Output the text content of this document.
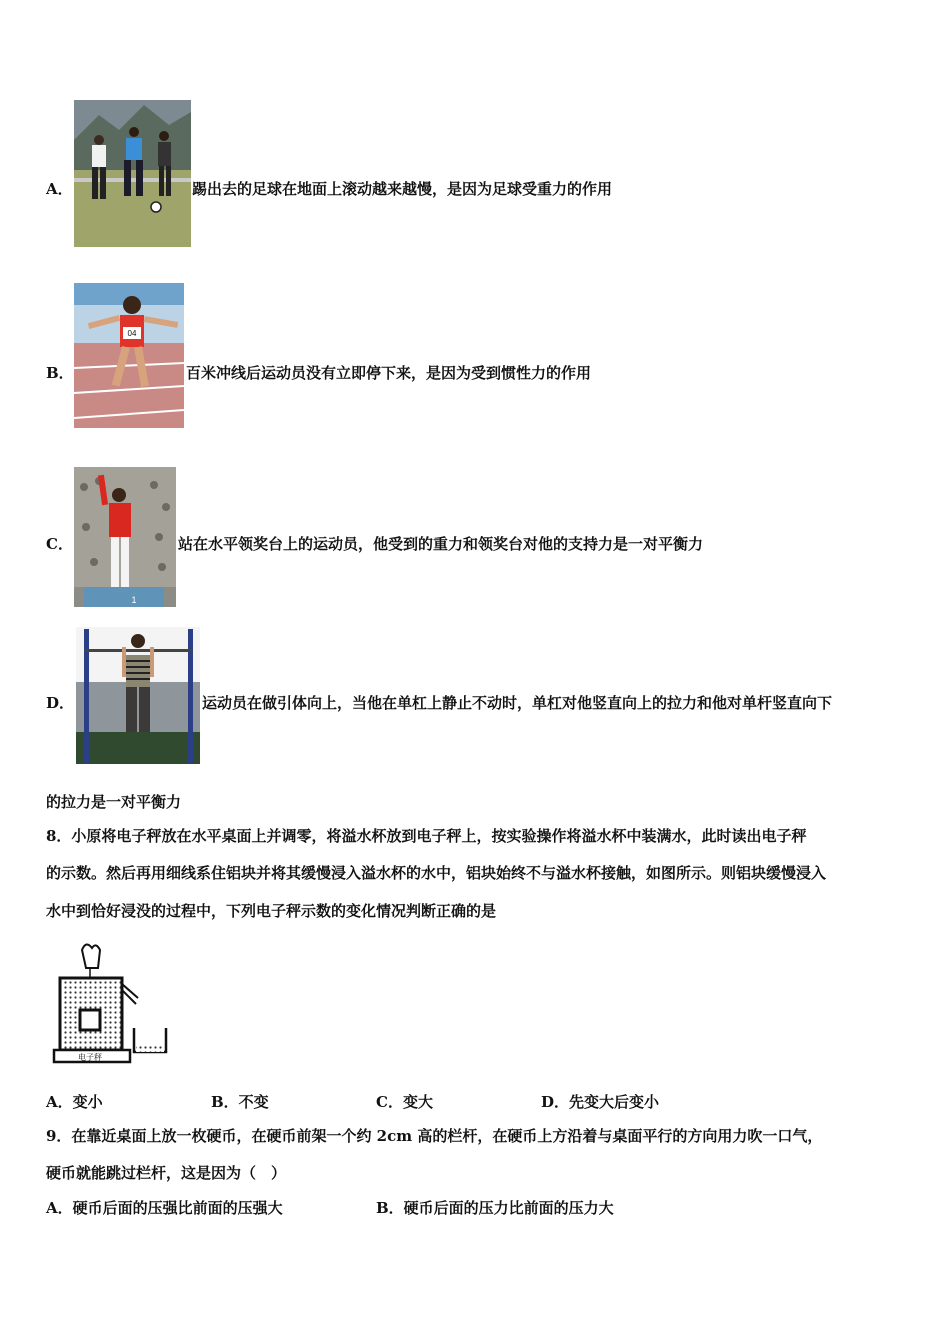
A．	踢出去的足球在地面上滚动越来越慢，是因为足球受重力的作用
B．
04
百米冲线后运动员没有立即停下来，是因为受到惯性力的作用
C．
1
站在水平领奖台上的运动员，他受到的重力和领奖台对他的支持力是一对平衡力
D．	运动员在做引体向上，当他在单杠上静止不动时，单杠对他竖直向上的拉力和他对单杆竖直向下
的拉力是一对平衡力
8．小原将电子秤放在水平桌面上并调零，将溢水杯放到电子秤上，按实验操作将溢水杯中装满水，此时读出电子秤
的示数。然后再用细线系住铝块并将其缓慢浸入溢水杯的水中，铝块始终不与溢水杯接触，如图所示。则铝块缓慢浸入
水中到恰好浸没的过程中，下列电子秤示数的变化情况判断正确的是
电子秤
A．变小	B．不变	C．变大	D．先变大后变小
9．在靠近桌面上放一枚硬币，在硬币前架一个约 2cm 高的栏杆，在硬币上方沿着与桌面平行的方向用力吹一口气，
硬币就能跳过栏杆，这是因为（　）
A．硬币后面的压强比前面的压强大	B．硬币后面的压力比前面的压力大
